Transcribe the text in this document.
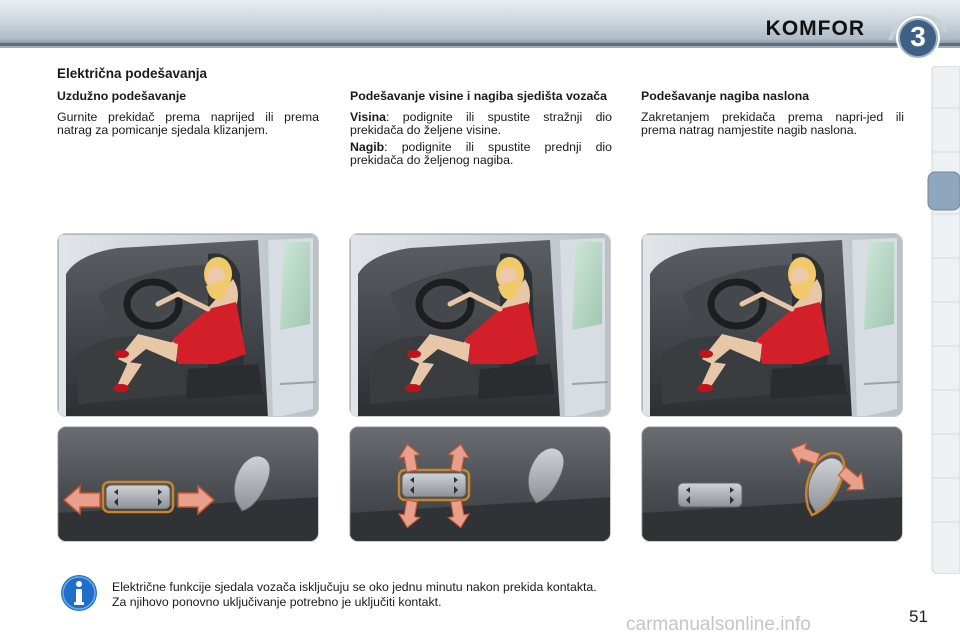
KOMFOR	3
Električna podešavanja
Uzdužno podešavanje

Gurnite prekidač prema naprijed ili prema natrag za pomicanje sjedala klizanjem.

Podešavanje visine i nagiba sjedišta vozača

Visina: podignite ili spustite stražnji dio prekidača do željene visine.

Nagib: podignite ili spustite prednji dio prekidača do željenog nagiba.

Podešavanje nagiba naslona

Zakretanjem prekidača prema napri-jed ili prema natrag namjestite nagib naslona.

Električne funkcije sjedala vozača isključuju se oko jednu minutu nakon prekida kontakta.
Za njihovo ponovno uključivanje potrebno je uključiti kontakt.
51
carmanualsonline.info
